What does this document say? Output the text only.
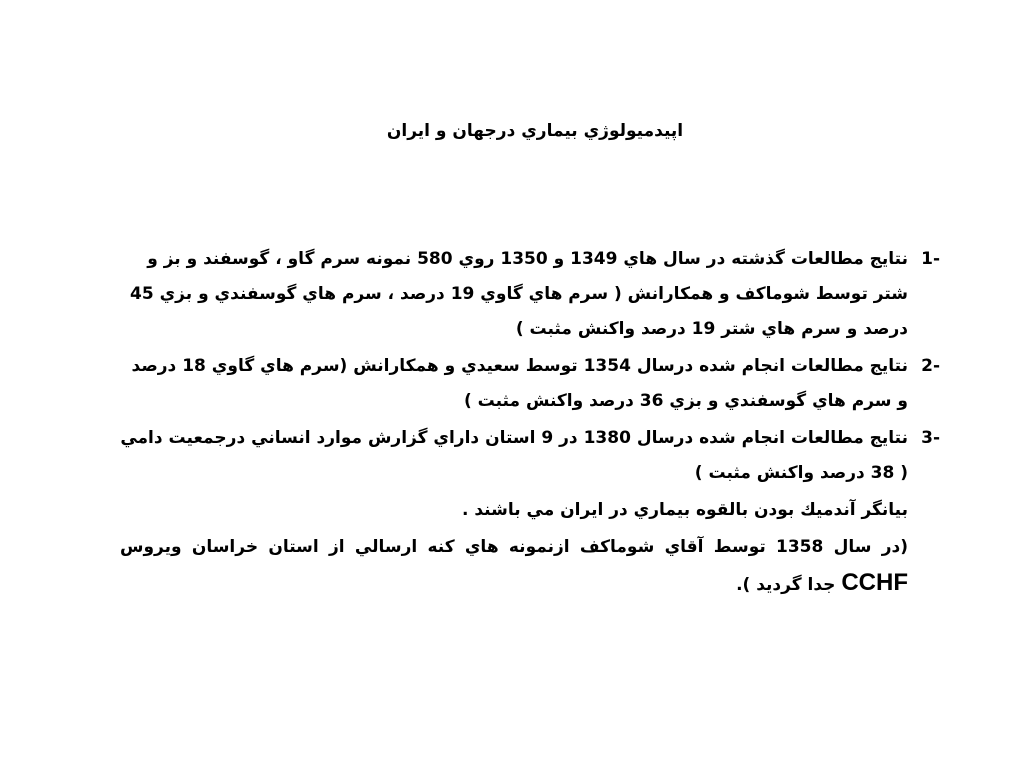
اپيدميولوژي بيماري درجهان و ايران
1-
نتايج مطالعات گذشته در سال هاي 1349 و 1350 روي 580 نمونه سرم گاو ، گوسفند و بز و شتر توسط شوماكف و همكارانش ( سرم هاي گاوي 19 درصد ، سرم هاي گوسفندي و بزي 45 درصد و سرم هاي شتر 19 درصد واكنش مثبت )
2-
نتايج مطالعات انجام شده درسال 1354 توسط سعيدي و همكارانش (سرم هاي گاوي 18 درصد و سرم هاي گوسفندي و بزي 36 درصد واكنش مثبت )
3-
نتايج مطالعات انجام شده درسال 1380 در 9 استان داراي گزارش موارد انساني درجمعيت دامي ( 38 درصد واكنش مثبت )
بيانگر آندميك بودن بالقوه بيماري در ايران مي باشند .
(در سال 1358 توسط آقاي شوماكف ازنمونه هاي كنه ارسالي از استان خراسان ويروس CCHF جدا گرديد ).
